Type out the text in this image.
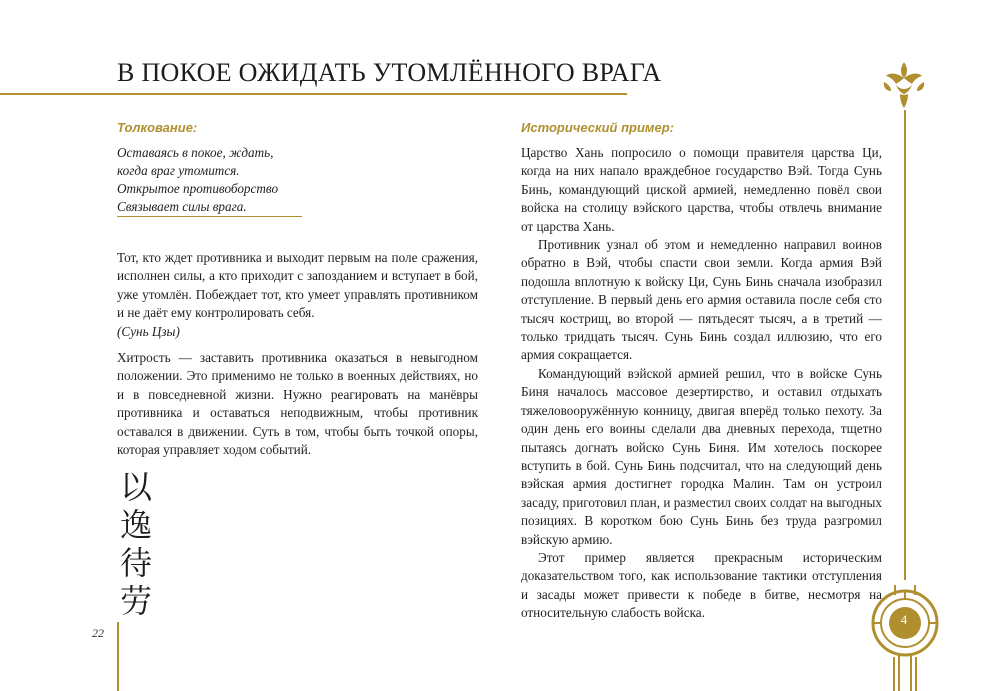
В ПОКОЕ ОЖИДАТЬ УТОМЛЁННОГО ВРАГА
Толкование:

Оставаясь в покое, ждать,

когда враг утомится.

Открытое противоборство

Связывает силы врага.

Тот, кто ждет противника и выходит первым на поле сражения, исполнен силы, а кто приходит с запозданием и вступает в бой, уже утомлён. Побеждает тот, кто умеет управлять противником и не даёт ему контролировать себя.

(Сунь Цзы)

Хитрость — заставить противника оказаться в невыгодном положении. Это применимо не только в военных действиях, но и в повседневной жизни. Нужно реагировать на манёвры противника и оставаться неподвижным, чтобы противник оставался в движении. Суть в том, чтобы быть точкой опоры, которая управляет ходом событий.

以
逸
待
劳
22
Исторический пример:

Царство Хань попросило о помощи правителя царства Ци, когда на них напало враждебное государство Вэй. Тогда Сунь Бинь, командующий цискoй армией, немедленно повёл свои войска на столицу вэйского царства, чтобы отвлечь внимание от царства Хань.

Противник узнал об этом и немедленно направил воинов обратно в Вэй, чтобы спасти свои земли. Когда армия Вэй подошла вплотную к войску Ци, Сунь Бинь сначала изобразил отступление. В первый день его армия оставила после себя сто тысяч кострищ, во второй — пятьдесят тысяч, а в третий — только тридцать тысяч. Сунь Бинь создал иллюзию, что его армия сокращается.

Командующий вэйской армией решил, что в войске Сунь Биня началось массовое дезертирство, и оставил отдыхать тяжеловооружённую конницу, двигая вперёд только пехоту. За один день его воины сделали два дневных перехода, тщетно пытаясь догнать войско Сунь Биня. Им хотелось поскорее вступить в бой. Сунь Бинь подсчитал, что на следующий день вэйская армия достигнет городка Малин. Там он устроил засаду, приготовил план, и разместил своих солдат на выгодных позициях. В коротком бою Сунь Бинь без труда разгромил вэйскую армию.

Этот пример является прекрасным историческим доказательством того, как использование тактики отступления и засады может привести к победе в битве, несмотря на относительную слабость войска.	4
